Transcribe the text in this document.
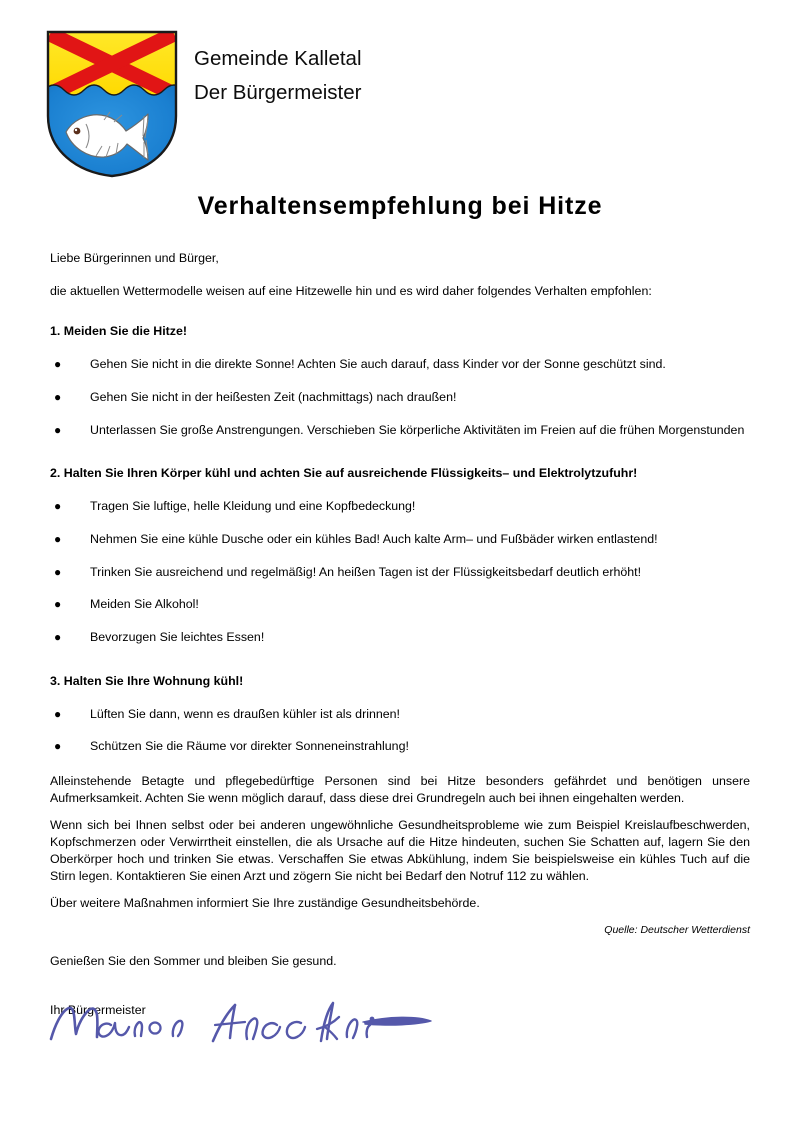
Gemeinde Kalletal
Der Bürgermeister
Verhaltensempfehlung bei Hitze

Liebe Bürgerinnen und Bürger,

die aktuellen Wettermodelle weisen auf eine Hitzewelle hin und es wird daher folgendes Verhalten empfohlen:

1. Meiden Sie die Hitze!
● Gehen Sie nicht in die direkte Sonne! Achten Sie auch darauf, dass Kinder vor der Sonne geschützt sind.
● Gehen Sie nicht in der heißesten Zeit (nachmittags) nach draußen!
● Unterlassen Sie große Anstrengungen. Verschieben Sie körperliche Aktivitäten im Freien auf die frühen Morgenstunden
2. Halten Sie Ihren Körper kühl und achten Sie auf ausreichende Flüssigkeits– und Elektrolytzufuhr!
● Tragen Sie luftige, helle Kleidung und eine Kopfbedeckung!
● Nehmen Sie eine kühle Dusche oder ein kühles Bad! Auch kalte Arm– und Fußbäder wirken entlastend!
● Trinken Sie ausreichend und regelmäßig! An heißen Tagen ist der Flüssigkeitsbedarf deutlich erhöht!
● Meiden Sie Alkohol!
● Bevorzugen Sie leichtes Essen!
3. Halten Sie Ihre Wohnung kühl!
● Lüften Sie dann, wenn es draußen kühler ist als drinnen!
● Schützen Sie die Räume vor direkter Sonneneinstrahlung!

Alleinstehende Betagte und pflegebedürftige Personen sind bei Hitze besonders gefährdet und benötigen unsere Aufmerksamkeit. Achten Sie wenn möglich darauf, dass diese drei Grundregeln auch bei ihnen eingehalten werden.

Wenn sich bei Ihnen selbst oder bei anderen ungewöhnliche Gesundheitsprobleme wie zum Beispiel Kreislaufbeschwerden, Kopfschmerzen oder Verwirrtheit einstellen, die als Ursache auf die Hitze hindeuten, suchen Sie Schatten auf, lagern Sie den Oberkörper hoch und trinken Sie etwas. Verschaffen Sie etwas Abkühlung, indem Sie beispielsweise ein kühles Tuch auf die Stirn legen. Kontaktieren Sie einen Arzt und zögern Sie nicht bei Bedarf den Notruf 112 zu wählen.

Über weitere Maßnahmen informiert Sie Ihre zuständige Gesundheitsbehörde.

Quelle: Deutscher Wetterdienst

Genießen Sie den Sommer und bleiben Sie gesund.

Ihr Bürgermeister
